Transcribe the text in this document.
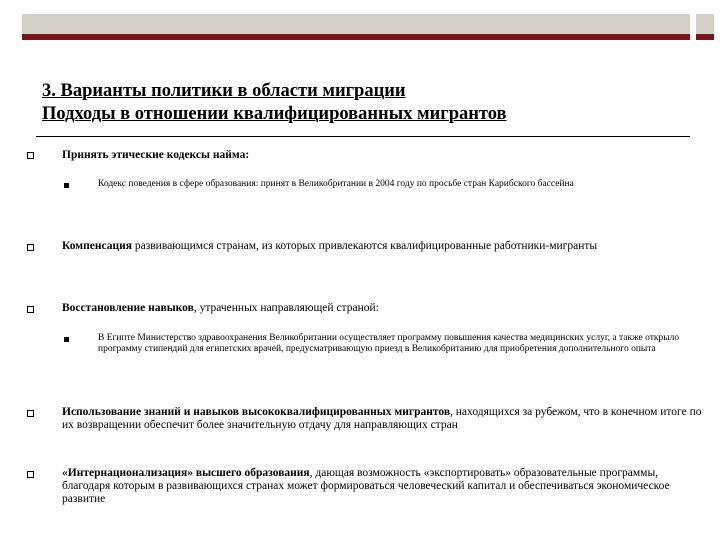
3. Варианты политики в области миграции
Подходы в отношении квалифицированных мигрантов
Принять этические кодексы найма:
Кодекс поведения в сфере образования: принят в Великобритании в 2004 году по просьбе стран Карибского бассейна
Компенсация развивающимся странам, из которых привлекаются квалифицированные работники-мигранты
Восстановление навыков, утраченных направляющей страной:
В Египте Министерство здравоохранения Великобритании осуществляет программу повышения качества медицинских услуг, а также открыло программу стипендий для египетских врачей, предусматривающую приезд в Великобританию для приобретения дополнительного опыта
Использование знаний и навыков высококвалифицированных мигрантов, находящихся за рубежом, что в конечном итоге по их возвращении обеспечит более значительную отдачу для направляющих стран
«Интернационализация» высшего образования, дающая возможность «экспортировать» образовательные программы, благодаря которым в развивающихся странах может формироваться человеческий капитал и обеспечиваться экономическое развитие
